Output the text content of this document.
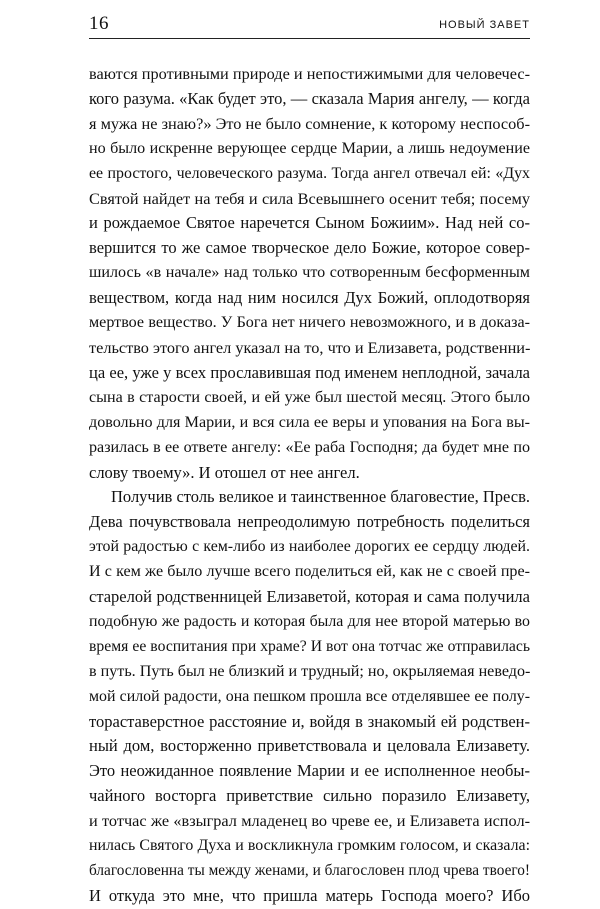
16	НОВЫЙ ЗАВЕТ

ваются противными природе и непостижимыми для человечес-
кого разума. «Как будет это, — сказала Мария ангелу, — когда
я мужа не знаю?» Это не было сомнение, к которому неспособ-
но было искренне верующее сердце Марии, а лишь недоумение
ее простого, человеческого разума. Тогда ангел отвечал ей: «Дух
Святой найдет на тебя и сила Всевышнего осенит тебя; посему
и рождаемое Святое наречется Сыном Божиим». Над ней со-
вершится то же самое творческое дело Божие, которое совер-
шилось «в начале» над только что сотворенным бесформенным
веществом, когда над ним носился Дух Божий, оплодотворяя
мертвое вещество. У Бога нет ничего невозможного, и в доказа-
тельство этого ангел указал на то, что и Елизавета, родственни-
ца ее, уже у всех прославившая под именем неплодной, зачала
сына в старости своей, и ей уже был шестой месяц. Этого было
довольно для Марии, и вся сила ее веры и упования на Бога вы-
разилась в ее ответе ангелу: «Ее раба Господня; да будет мне по
слову твоему». И отошел от нее ангел.

Получив столь великое и таинственное благовестие, Пресв.
Дева почувствовала непреодолимую потребность поделиться
этой радостью с кем-либо из наиболее дорогих ее сердцу людей.
И с кем же было лучше всего поделиться ей, как не с своей пре-
старелой родственницей Елизаветой, которая и сама получила
подобную же радость и которая была для нее второй матерью во
время ее воспитания при храме? И вот она тотчас же отправилась
в путь. Путь был не близкий и трудный; но, окрыляемая неведо-
мой силой радости, она пешком прошла все отделявшее ее полу-
тораставерстное расстояние и, войдя в знакомый ей родствен-
ный дом, восторженно приветствовала и целовала Елизавету.
Это неожиданное появление Марии и ее исполненное необы-
чайного восторга приветствие сильно поразило Елизавету,
и тотчас же «взыграл младенец во чреве ее, и Елизавета испол-
нилась Святого Духа и воскликнула громким голосом, и сказала:
благословенна ты между женами, и благословен плод чрева твоего!
И откуда это мне, что пришла матерь Господа моего? Ибо
